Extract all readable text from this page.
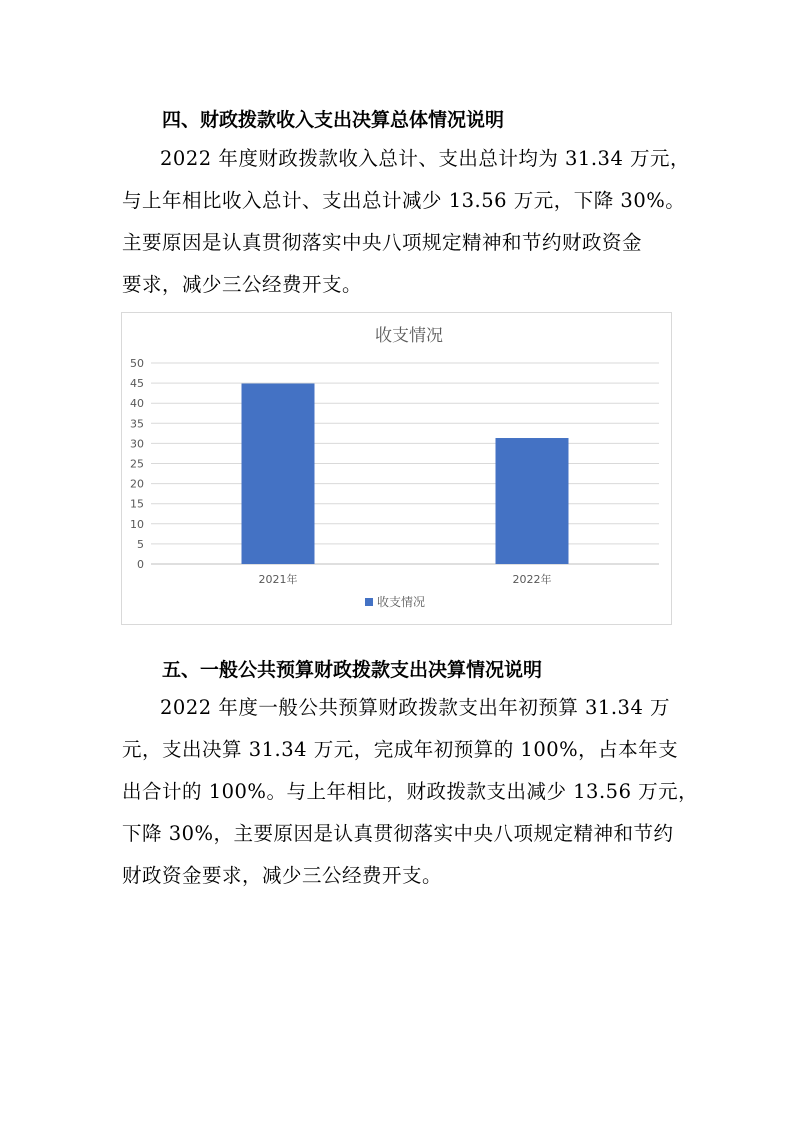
四、财政拨款收入支出决算总体情况说明
2022 年度财政拨款收入总计、支出总计均为 31.34 万元，
与上年相比收入总计、支出总计减少 13.56 万元，下降 30%。
主要原因是认真贯彻落实中央八项规定精神和节约财政资金
要求，减少三公经费开支。
收支情况
0
5
10
15
20
25
30
35
40
45
50
2021年	2022年
收支情况
五、一般公共预算财政拨款支出决算情况说明
2022 年度一般公共预算财政拨款支出年初预算 31.34 万
元，支出决算 31.34 万元，完成年初预算的 100%，占本年支
出合计的 100%。与上年相比，财政拨款支出减少 13.56 万元，
下降 30%，主要原因是认真贯彻落实中央八项规定精神和节约
财政资金要求，减少三公经费开支。
